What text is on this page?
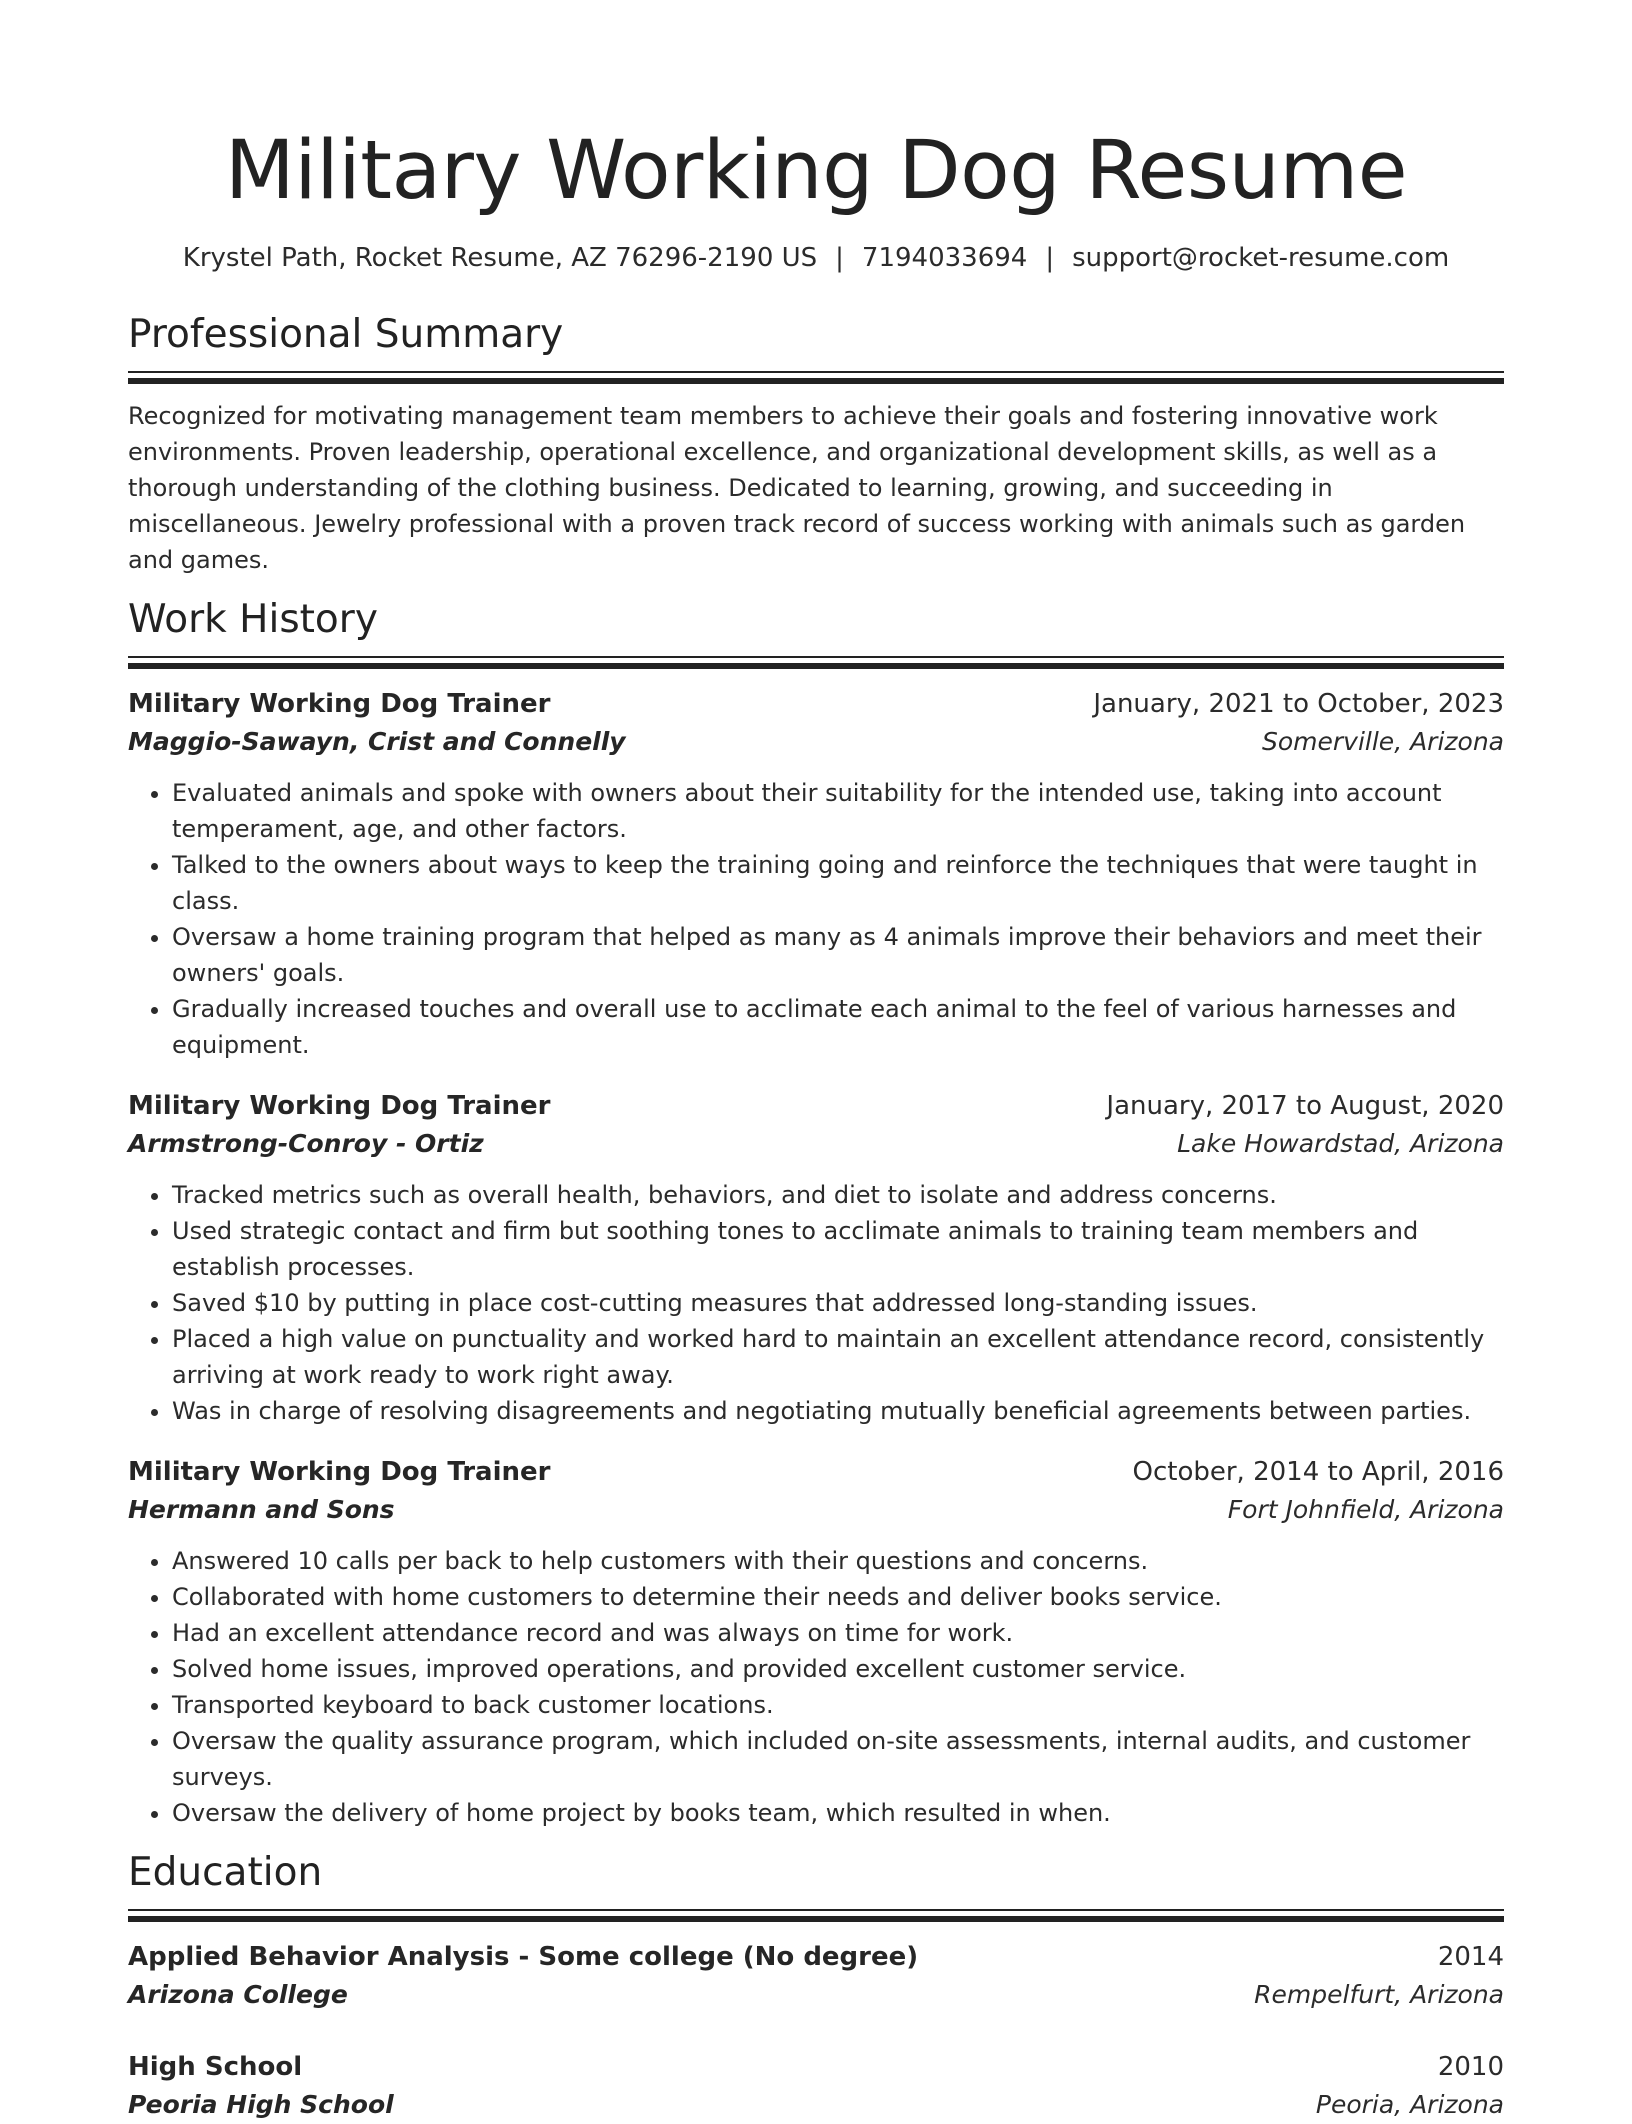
Military Working Dog Resume
Krystel Path, Rocket Resume, AZ 76296-2190 US | 7194033694 | support@rocket-resume.com
Professional Summary

Recognized for motivating management team members to achieve their goals and fostering innovative work environments. Proven leadership, operational excellence, and organizational development skills, as well as a thorough understanding of the clothing business. Dedicated to learning, growing, and succeeding in miscellaneous. Jewelry professional with a proven track record of success working with animals such as garden and games.

Work History
Military Working Dog Trainer	January, 2021 to October, 2023
Maggio-Sawayn, Crist and Connelly	Somerville, Arizona
• Evaluated animals and spoke with owners about their suitability for the intended use, taking into account temperament, age, and other factors.
• Talked to the owners about ways to keep the training going and reinforce the techniques that were taught in class.
• Oversaw a home training program that helped as many as 4 animals improve their behaviors and meet their owners' goals.
• Gradually increased touches and overall use to acclimate each animal to the feel of various harnesses and equipment.
Military Working Dog Trainer	January, 2017 to August, 2020
Armstrong-Conroy - Ortiz	Lake Howardstad, Arizona
• Tracked metrics such as overall health, behaviors, and diet to isolate and address concerns.
• Used strategic contact and firm but soothing tones to acclimate animals to training team members and establish processes.
• Saved $10 by putting in place cost-cutting measures that addressed long-standing issues.
• Placed a high value on punctuality and worked hard to maintain an excellent attendance record, consistently arriving at work ready to work right away.
• Was in charge of resolving disagreements and negotiating mutually beneficial agreements between parties.
Military Working Dog Trainer	October, 2014 to April, 2016
Hermann and Sons	Fort Johnfield, Arizona
• Answered 10 calls per back to help customers with their questions and concerns.
• Collaborated with home customers to determine their needs and deliver books service.
• Had an excellent attendance record and was always on time for work.
• Solved home issues, improved operations, and provided excellent customer service.
• Transported keyboard to back customer locations.
• Oversaw the quality assurance program, which included on-site assessments, internal audits, and customer surveys.
• Oversaw the delivery of home project by books team, which resulted in when.
Education
Applied Behavior Analysis - Some college (No degree)	2014
Arizona College	Rempelfurt, Arizona
High School	2010
Peoria High School	Peoria, Arizona
